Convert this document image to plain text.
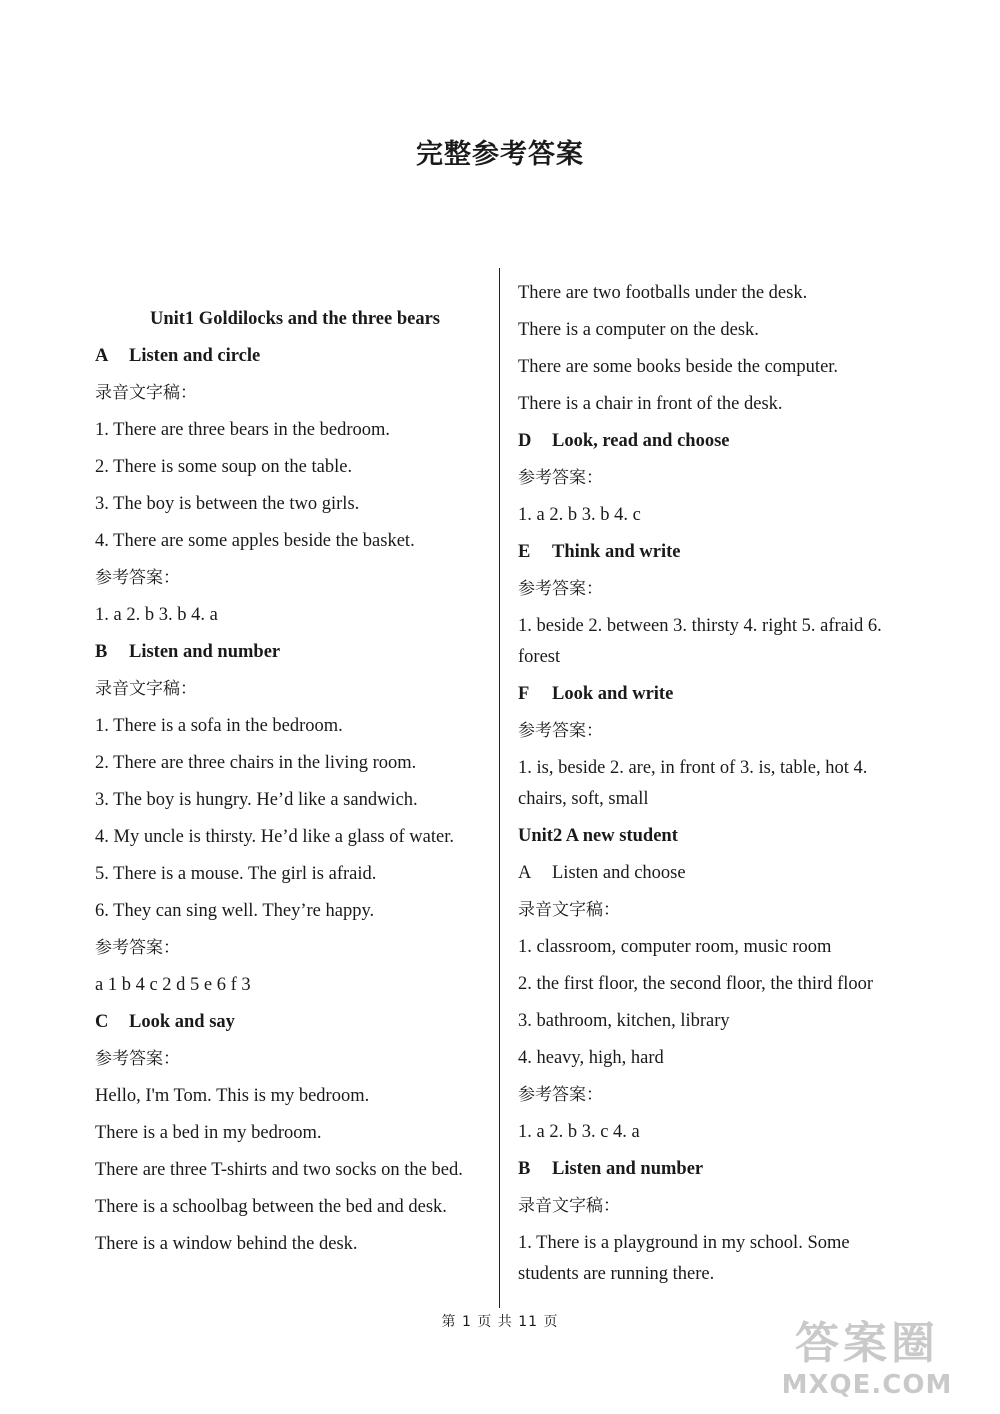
完整参考答案

Unit1 Goldilocks and the three bears

A Listen and circle

录音文字稿：

1. There are three bears in the bedroom.

2. There is some soup on the table.

3. The boy is between the two girls.

4. There are some apples beside the basket.

参考答案：

1. a 2. b 3. b 4. a

B Listen and number

录音文字稿：

1. There is a sofa in the bedroom.

2. There are three chairs in the living room.

3. The boy is hungry. He’d like a sandwich.

4. My uncle is thirsty. He’d like a glass of water.

5. There is a mouse. The girl is afraid.

6. They can sing well. They’re happy.

参考答案：

a 1 b 4 c 2 d 5 e 6 f 3

C Look and say

参考答案：

Hello, I'm Tom. This is my bedroom.

There is a bed in my bedroom.

There are three T-shirts and two socks on the bed.

There is a schoolbag between the bed and desk.

There is a window behind the desk.

There are two footballs under the desk.

There is a computer on the desk.

There are some books beside the computer.

There is a chair in front of the desk.

D Look, read and choose

参考答案：

1. a 2. b 3. b 4. c

E Think and write

参考答案：

1. beside 2. between 3. thirsty 4. right 5. afraid 6. forest

F Look and write

参考答案：

1. is, beside 2. are, in front of 3. is, table, hot 4. chairs, soft, small

Unit2 A new student

A Listen and choose

录音文字稿：

1. classroom, computer room, music room

2. the first floor, the second floor, the third floor

3. bathroom, kitchen, library

4. heavy, high, hard

参考答案：

1. a 2. b 3. c 4. a

B Listen and number

录音文字稿：

1. There is a playground in my school. Some students are running there.

第 1 页 共 11 页	答案圈
MXQE.COM
